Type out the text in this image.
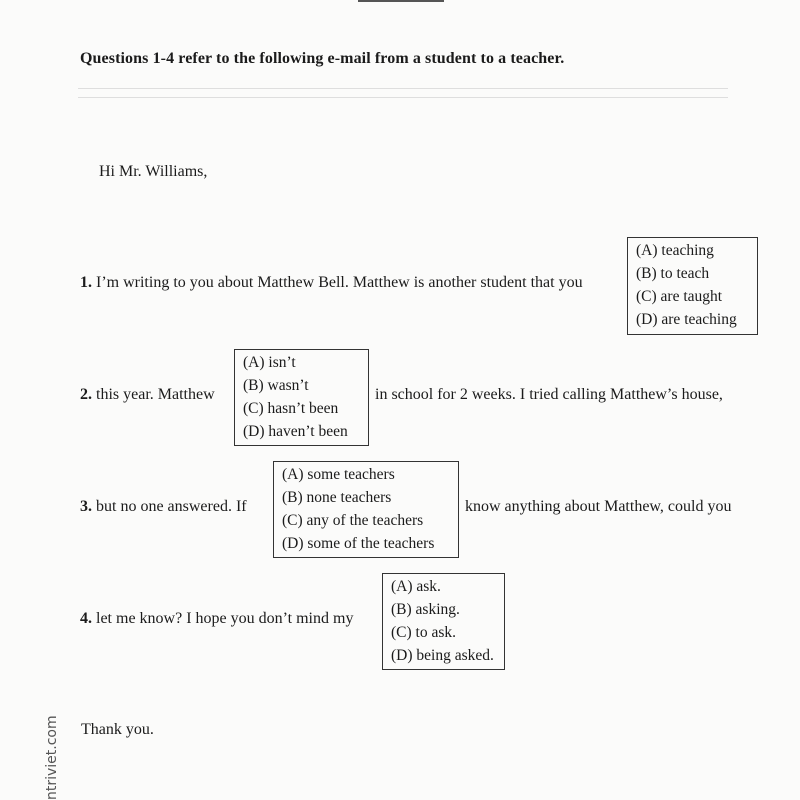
Questions 1-4 refer to the following e-mail from a student to a teacher.
Hi Mr. Williams,
1. I’m writing to you about Matthew Bell. Matthew is another student that you
(A) teaching
(B) to teach
(C) are taught
(D) are teaching
2. this year. Matthew
(A) isn’t
(B) wasn’t
(C) hasn’t been
(D) haven’t been
in school for 2 weeks. I tried calling Matthew’s house,
3. but no one answered. If
(A) some teachers
(B) none teachers
(C) any of the teachers
(D) some of the teachers
know anything about Matthew, could you
4. let me know? I hope you don’t mind my
(A) ask.
(B) asking.
(C) to ask.
(D) being asked.
Thank you.
ntriviet.com
